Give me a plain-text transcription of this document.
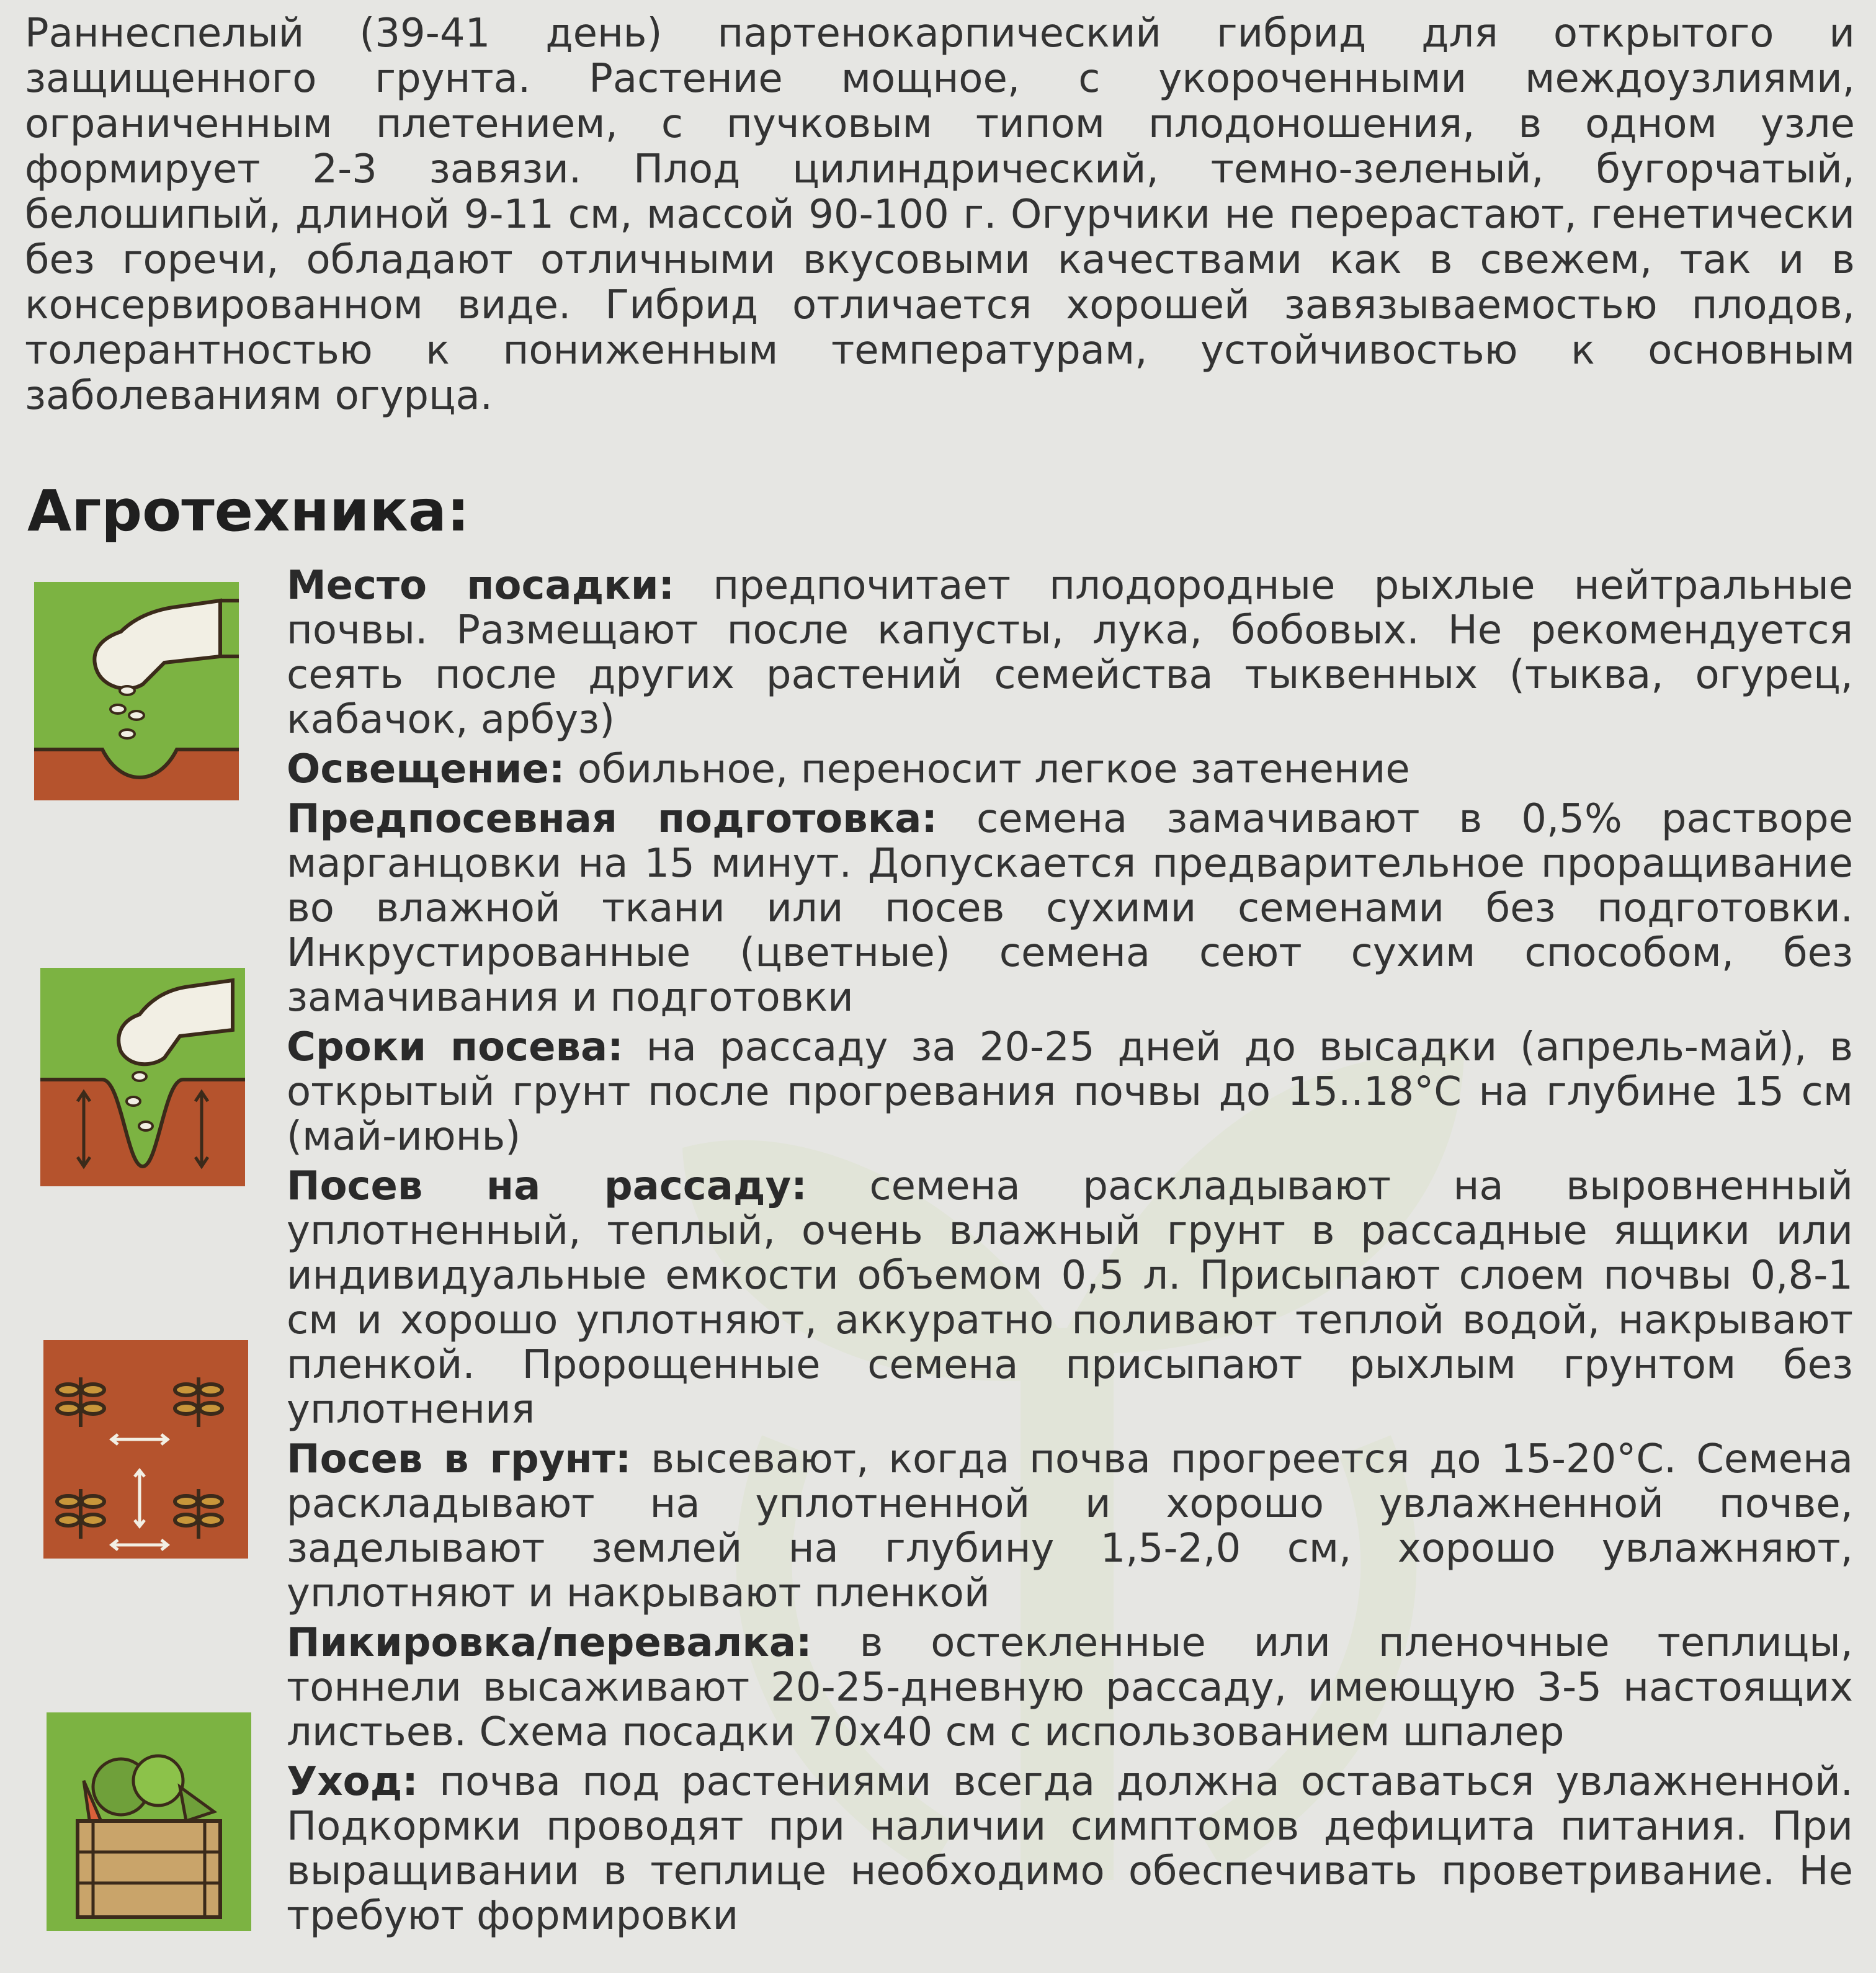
Раннеспелый (39-41 день) партенокарпический гибрид для открытого и защищенного грунта. Растение мощное, с укороченными междоузлиями, ограниченным плетением, с пучковым типом плодоношения, в одном узле формирует 2-3 завязи. Плод цилиндрический, темно-зеленый, бугорчатый, белошипый, длиной 9-11 см, массой 90-100 г. Огурчики не перерастают, генетически без горечи, обладают отличными вкусовыми качествами как в свежем, так и в консервированном виде. Гибрид отличается хорошей завязываемостью плодов, толерантностью к пониженным температурам, устойчивостью к основным заболеваниям огурца.

Агротехника:

Место посадки: предпочитает плодородные рыхлые нейтральные почвы. Размещают после капусты, лука, бобовых. Не рекомендуется сеять после других растений семейства тыквенных (тыква, огурец, кабачок, арбуз)

Освещение: обильное, переносит легкое затенение

Предпосевная подготовка: семена замачивают в 0,5% растворе марганцовки на 15 минут. Допускается предварительное проращивание во влажной ткани или посев сухими семенами без подготовки. Инкрустированные (цветные) семена сеют сухим способом, без замачивания и подготовки

Сроки посева: на рассаду за 20-25 дней до высадки (апрель-май), в открытый грунт после прогревания почвы до 15..18°С на глубине 15 см (май-июнь)

Посев на рассаду: семена раскладывают на выровненный уплотненный, теплый, очень влажный грунт в рассадные ящики или индивидуальные емкости объемом 0,5 л. Присыпают слоем почвы 0,8-1 см и хорошо уплотняют, аккуратно поливают теплой водой, накрывают пленкой. Пророщенные семена присыпают рыхлым грунтом без уплотнения

Посев в грунт: высевают, когда почва прогреется до 15-20°С. Семена раскладывают на уплотненной и хорошо увлажненной почве, заделывают землей на глубину 1,5-2,0 см, хорошо увлажняют, уплотняют и накрывают пленкой

Пикировка/перевалка: в остекленные или пленочные теплицы, тоннели высаживают 20-25-дневную рассаду, имеющую 3-5 настоящих листьев. Схема посадки 70х40 см с использованием шпалер

Уход: почва под растениями всегда должна оставаться увлажненной. Подкормки проводят при наличии симптомов дефицита питания. При выращивании в теплице необходимо обеспечивать проветривание. Не требуют формировки
